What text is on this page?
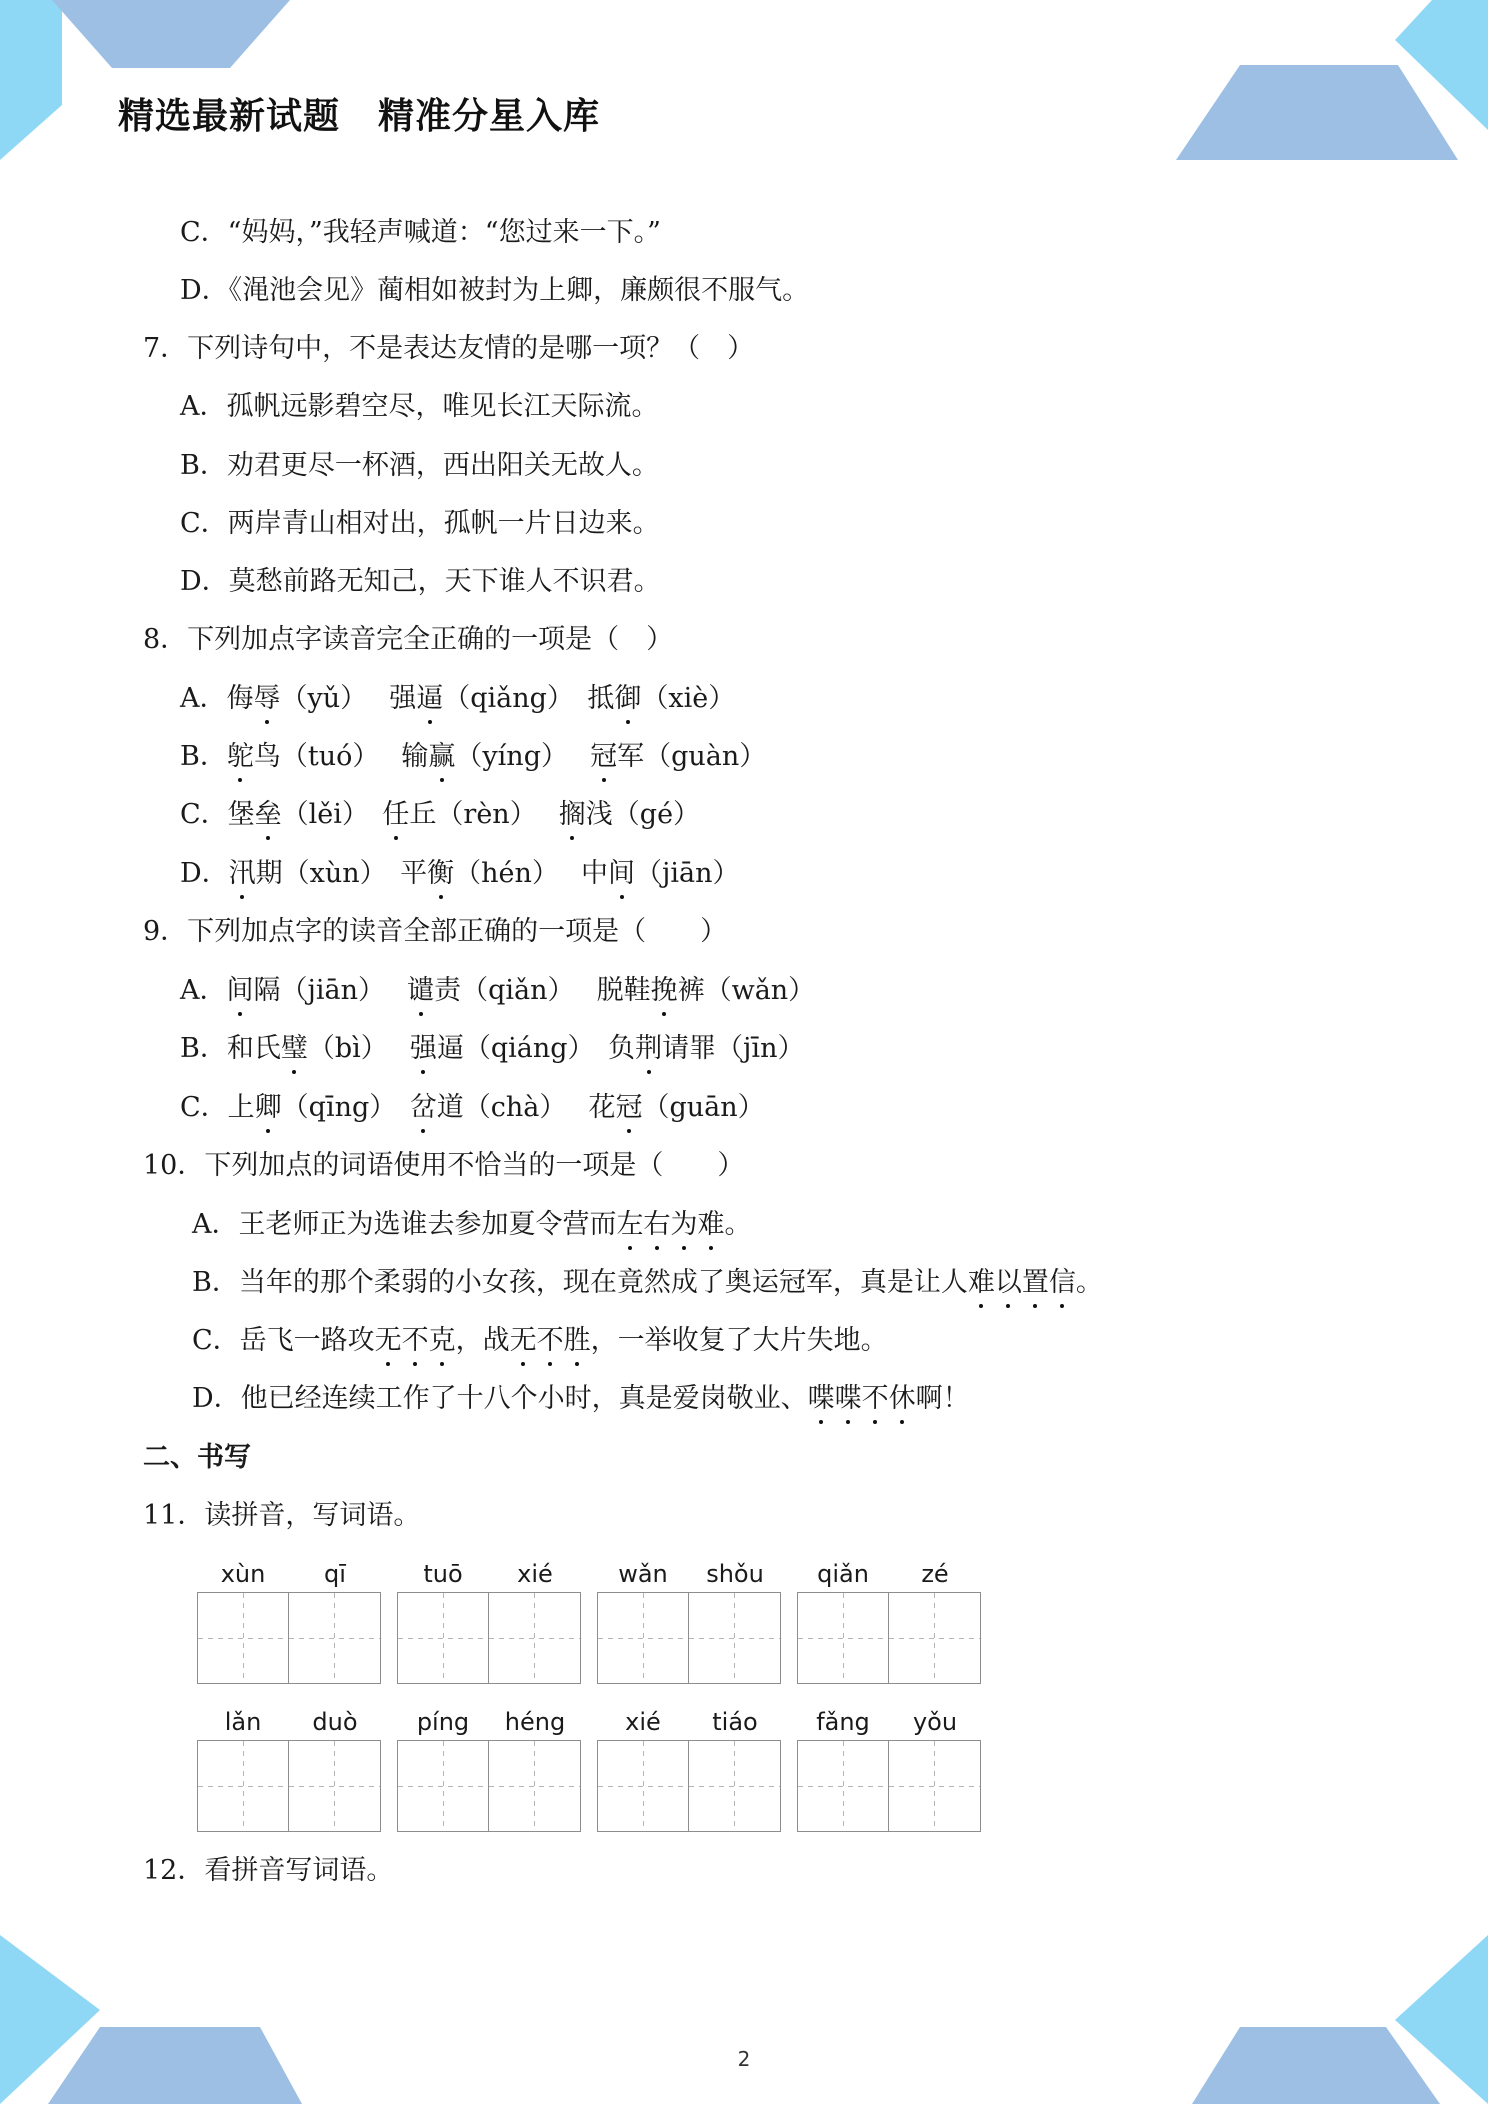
精选最新试题 精准分星入库
C．“妈妈，”我轻声喊道：“您过来一下。”
D．《渑池会见》蔺相如被封为上卿，廉颇很不服气。
7．下列诗句中，不是表达友情的是哪一项？（　）
A．孤帆远影碧空尽，唯见长江天际流。
B．劝君更尽一杯酒，西出阳关无故人。
C．两岸青山相对出，孤帆一片日边来。
D．莫愁前路无知己，天下谁人不识君。
8．下列加点字读音完全正确的一项是（　）
A．侮辱（yǔ）　 强逼（qiǎng）　抵御（xiè）
B．鸵鸟（tuó）　 输赢（yíng）　 冠军（guàn）
C．堡垒（lěi）　任丘（rèn）　 搁浅（gé）
D．汛期（xùn）　平衡（hén）　 中间（jiān）
9．下列加点字的读音全部正确的一项是（　　）
A．间隔（jiān）　 谴责（qiǎn）　 脱鞋挽裤（wǎn）
B．和氏璧（bì）　 强逼（qiáng）　负荆请罪（jīn）
C．上卿（qīng）　岔道（chà）　 花冠（guān）
10．下列加点的词语使用不恰当的一项是（　　）
A．王老师正为选谁去参加夏令营而左右为难。
B．当年的那个柔弱的小女孩，现在竟然成了奥运冠军，真是让人难以置信。
C．岳飞一路攻无不克，战无不胜，一举收复了大片失地。
D．他已经连续工作了十八个小时，真是爱岗敬业、喋喋不休啊！
二、书写
11．读拼音，写词语。
xùn	qī	tuō	xié	wǎn	shǒu	qiǎn	zé
lǎn	duò	píng	héng	xié	tiáo	fǎng	yǒu
12．看拼音写词语。
2
